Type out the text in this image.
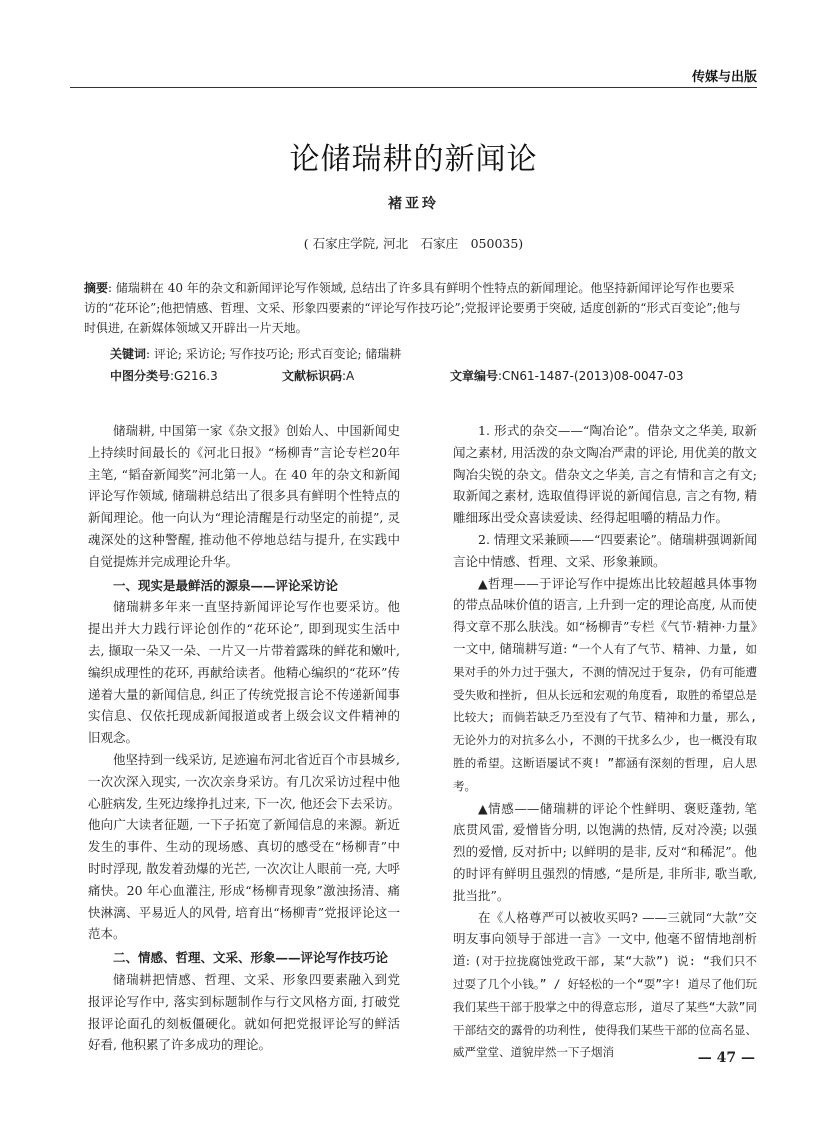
传媒与出版
论储瑞耕的新闻论
褚亚玲
( 石家庄学院, 河北　石家庄　050035)
摘要: 储瑞耕在 40 年的杂文和新闻评论写作领域, 总结出了许多具有鲜明个性特点的新闻理论。他坚持新闻评论写作也要采访的“花环论”;他把情感、哲理、文采、形象四要素的“评论写作技巧论”;党报评论要勇于突破, 适度创新的“形式百变论”;他与时俱进, 在新媒体领域又开辟出一片天地。
关键词: 评论; 采访论; 写作技巧论; 形式百变论; 储瑞耕
中图分类号:G216.3	文献标识码:A	文章编号:CN61-1487-(2013)08-0047-03

储瑞耕, 中国第一家《杂文报》创始人、中国新闻史上持续时间最长的《河北日报》“杨柳青”言论专栏20年主笔, “韬奋新闻奖”河北第一人。在 40 年的杂文和新闻评论写作领域, 储瑞耕总结出了很多具有鲜明个性特点的新闻理论。他一向认为“理论清醒是行动坚定的前提”, 灵魂深处的这种警醒, 推动他不停地总结与提升, 在实践中自觉提炼并完成理论升华。

一、现实是最鲜活的源泉——评论采访论

储瑞耕多年来一直坚持新闻评论写作也要采访。他提出并大力践行评论创作的“花环论”, 即到现实生活中去, 撷取一朵又一朵、一片又一片带着露珠的鲜花和嫩叶, 编织成理性的花环, 再献给读者。他精心编织的“花环”传递着大量的新闻信息, 纠正了传统党报言论不传递新闻事实信息、仅依托现成新闻报道或者上级会议文件精神的旧观念。

他坚持到一线采访, 足迹遍布河北省近百个市县城乡, 一次次深入现实, 一次次亲身采访。有几次采访过程中他心脏病发, 生死边缘挣扎过来, 下一次, 他还会下去采访。他向广大读者征题, 一下子拓宽了新闻信息的来源。新近发生的事件、生动的现场感、真切的感受在“杨柳青”中时时浮现, 散发着劲爆的光芒, 一次次让人眼前一亮, 大呼痛快。20 年心血灌注, 形成“杨柳青现象”激浊扬清、痛快淋漓、平易近人的风骨, 培育出“杨柳青”党报评论这一范本。

二、情感、哲理、文采、形象——评论写作技巧论

储瑞耕把情感、哲理、文采、形象四要素融入到党报评论写作中, 落实到标题制作与行文风格方面, 打破党报评论面孔的刻板僵硬化。就如何把党报评论写的鲜活好看, 他积累了许多成功的理论。

1. 形式的杂交——“陶冶论”。借杂文之华美, 取新闻之素材, 用活泼的杂文陶冶严肃的评论, 用优美的散文陶冶尖锐的杂文。借杂文之华美, 言之有情和言之有文; 取新闻之素材, 选取值得评说的新闻信息, 言之有物, 精雕细琢出受众喜读爱读、经得起咀嚼的精品力作。

2. 情理文采兼顾——“四要素论”。储瑞耕强调新闻言论中情感、哲理、文采、形象兼顾。

▲哲理——于评论写作中提炼出比较超越具体事物的带点品味价值的语言, 上升到一定的理论高度, 从而使得文章不那么肤浅。如“杨柳青”专栏《气节·精神·力量》一文中, 储瑞耕写道: “一个人有了气节、精神、力量, 如果对手的外力过于强大, 不测的情况过于复杂, 仍有可能遭受失败和挫折, 但从长远和宏观的角度看, 取胜的希望总是比较大; 而倘若缺乏乃至没有了气节、精神和力量, 那么, 无论外力的对抗多么小, 不测的干扰多么少, 也一概没有取胜的希望。这断语屡试不爽! ”都涵有深刻的哲理, 启人思考。

▲情感——储瑞耕的评论个性鲜明、褒贬蓬勃, 笔底贯风雷, 爱憎皆分明, 以饱满的热情, 反对冷漠; 以强烈的爱憎, 反对折中; 以鲜明的是非, 反对“和稀泥”。他的时评有鲜明且强烈的情感, “是所是, 非所非, 歌当歌, 批当批”。

在《人格尊严可以被收买吗? ——三就同“大款”交明友事向领导于部进一言》一文中, 他毫不留情地剖析道: (对于拉拢腐蚀党政干部, 某“大款”) 说: “我们只不过耍了几个小钱。” / 好轻松的一个“耍”字! 道尽了他们玩我们某些干部于股掌之中的得意忘形, 道尽了某些“大款”同干部结交的露骨的功利性, 使得我们某些干部的位高名显、威严堂堂、道貌岸然一下子烟消	— 47 —
